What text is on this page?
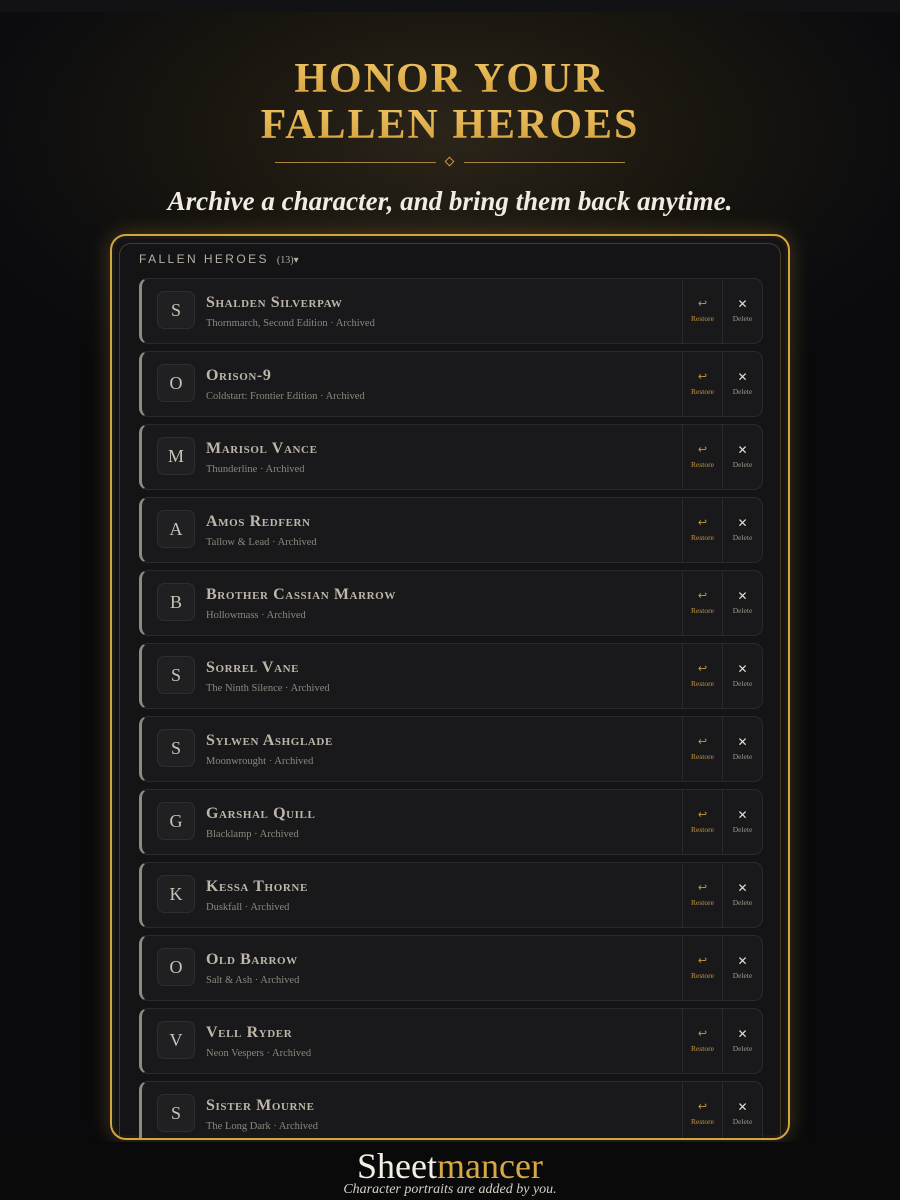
HONOR YOUR
FALLEN HEROES
Archive a character, and bring them back anytime.
FALLEN HEROES (13)▾
S	Shalden Silverpaw
Thornmarch, Second Edition · Archived
↩
Restore
✕
Delete
O	Orison-9
Coldstart: Frontier Edition · Archived
↩
Restore
✕
Delete
M	Marisol Vance
Thunderline · Archived
↩
Restore
✕
Delete
A	Amos Redfern
Tallow & Lead · Archived
↩
Restore
✕
Delete
B	Brother Cassian Marrow
Hollowmass · Archived
↩
Restore
✕
Delete
S	Sorrel Vane
The Ninth Silence · Archived
↩
Restore
✕
Delete
S	Sylwen Ashglade
Moonwrought · Archived
↩
Restore
✕
Delete
G	Garshal Quill
Blacklamp · Archived
↩
Restore
✕
Delete
K	Kessa Thorne
Duskfall · Archived
↩
Restore
✕
Delete
O	Old Barrow
Salt & Ash · Archived
↩
Restore
✕
Delete
V	Vell Ryder
Neon Vespers · Archived
↩
Restore
✕
Delete
S	Sister Mourne
The Long Dark · Archived
↩
Restore
✕
Delete
Sheetmancer
Character portraits are added by you.
